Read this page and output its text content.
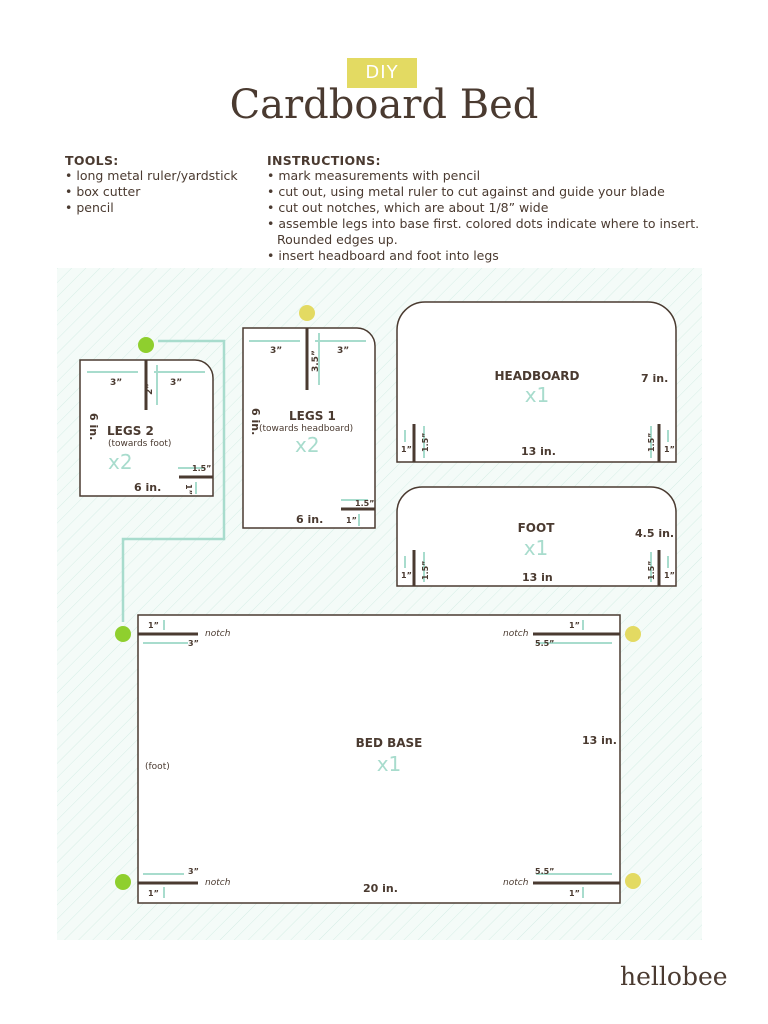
DIY
Cardboard Bed
TOOLS:
• long metal ruler/yardstick
• box cutter
• pencil
INSTRUCTIONS:
• mark measurements with pencil
• cut out, using metal ruler to cut against and guide your blade
• cut out notches, which are about 1/8” wide
• assemble legs into base first. colored dots indicate where to insert.
Rounded edges up.
• insert headboard and foot into legs
3”	3”
2”
6 in. LEGS 2
(towards foot)
x2	1.5”
1”
6 in.
3”	3”
3.5”
6 in. LEGS 1
(towards headboard)
x2
1.5”
1”
6 in.
HEADBOARD
x1
7 in.
13 in.
1” 1.5”	1.5” 1”
FOOT
x1
4.5 in.
13 in
1” 1.5”	1.5” 1”
1”
3”
notch
1”
5.5”
notch
3”
1”
notch
5.5”
1”
notch
BED BASE
x1
13 in.
(foot)
20 in.
hellobee
